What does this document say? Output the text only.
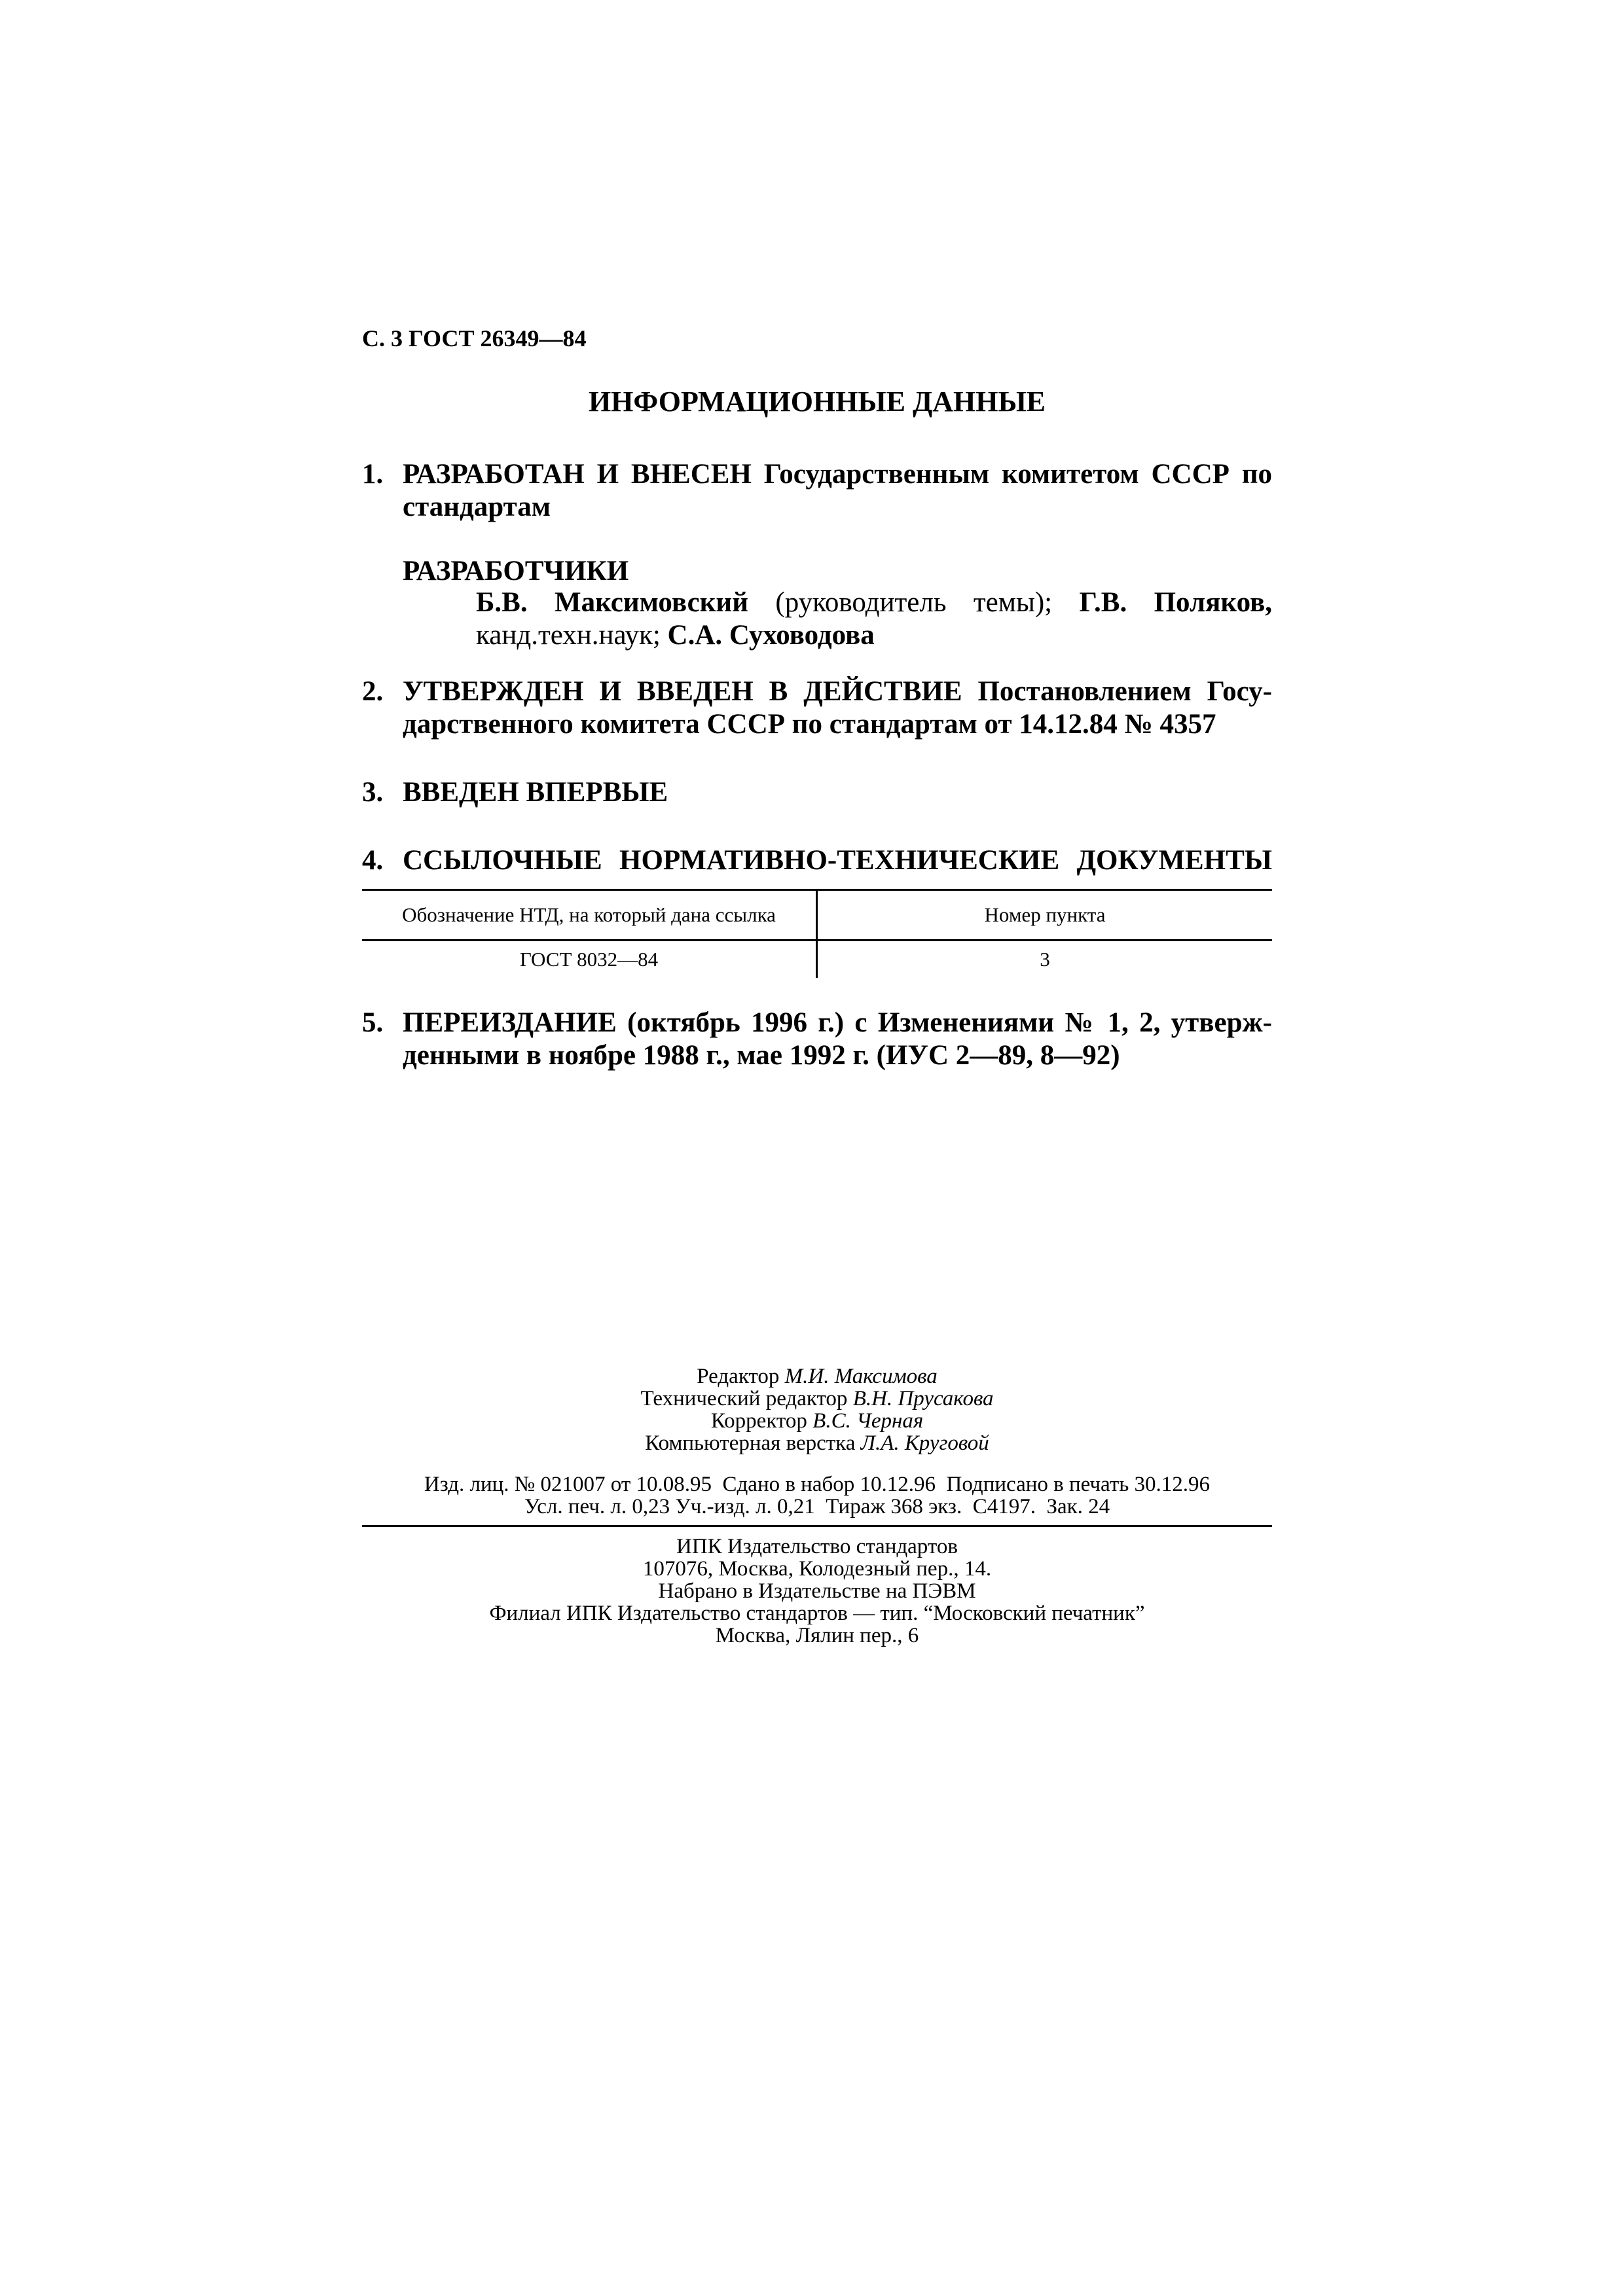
С. 3 ГОСТ 26349—84
ИНФОРМАЦИОННЫЕ ДАННЫЕ
1. РАЗРАБОТАН И ВНЕСЕН Государственным комитетом СССР по
стандартам
РАЗРАБОТЧИКИ
Б.В. Максимовский (руководитель темы); Г.В. Поляков,
канд.техн.наук; С.А. Суховодова
2. УТВЕРЖДЕН И ВВЕДЕН В ДЕЙСТВИЕ Постановлением Госу-
дарственного комитета СССР по стандартам от 14.12.84 № 4357
3. ВВЕДЕН ВПЕРВЫЕ
4. ССЫЛОЧНЫЕ НОРМАТИВНО-ТЕХНИЧЕСКИЕ ДОКУМЕНТЫ
Обозначение НТД, на который дана ссылка	Номер пункта
ГОСТ 8032—84	3
5. ПЕРЕИЗДАНИЕ (октябрь 1996 г.) с Изменениями № 1, 2, утверж-
денными в ноябре 1988 г., мае 1992 г. (ИУС 2—89, 8—92)
Редактор М.И. Максимова
Технический редактор В.Н. Прусакова
Корректор В.С. Черная
Компьютерная верстка Л.А. Круговой
Изд. лиц. № 021007 от 10.08.95  Сдано в набор 10.12.96  Подписано в печать 30.12.96
Усл. печ. л. 0,23 Уч.-изд. л. 0,21  Тираж 368 экз.  С4197.  Зак. 24
ИПК Издательство стандартов
107076, Москва, Колодезный пер., 14.
Набрано в Издательстве на ПЭВМ
Филиал ИПК Издательство стандартов — тип. “Московский печатник”
Москва, Лялин пер., 6
